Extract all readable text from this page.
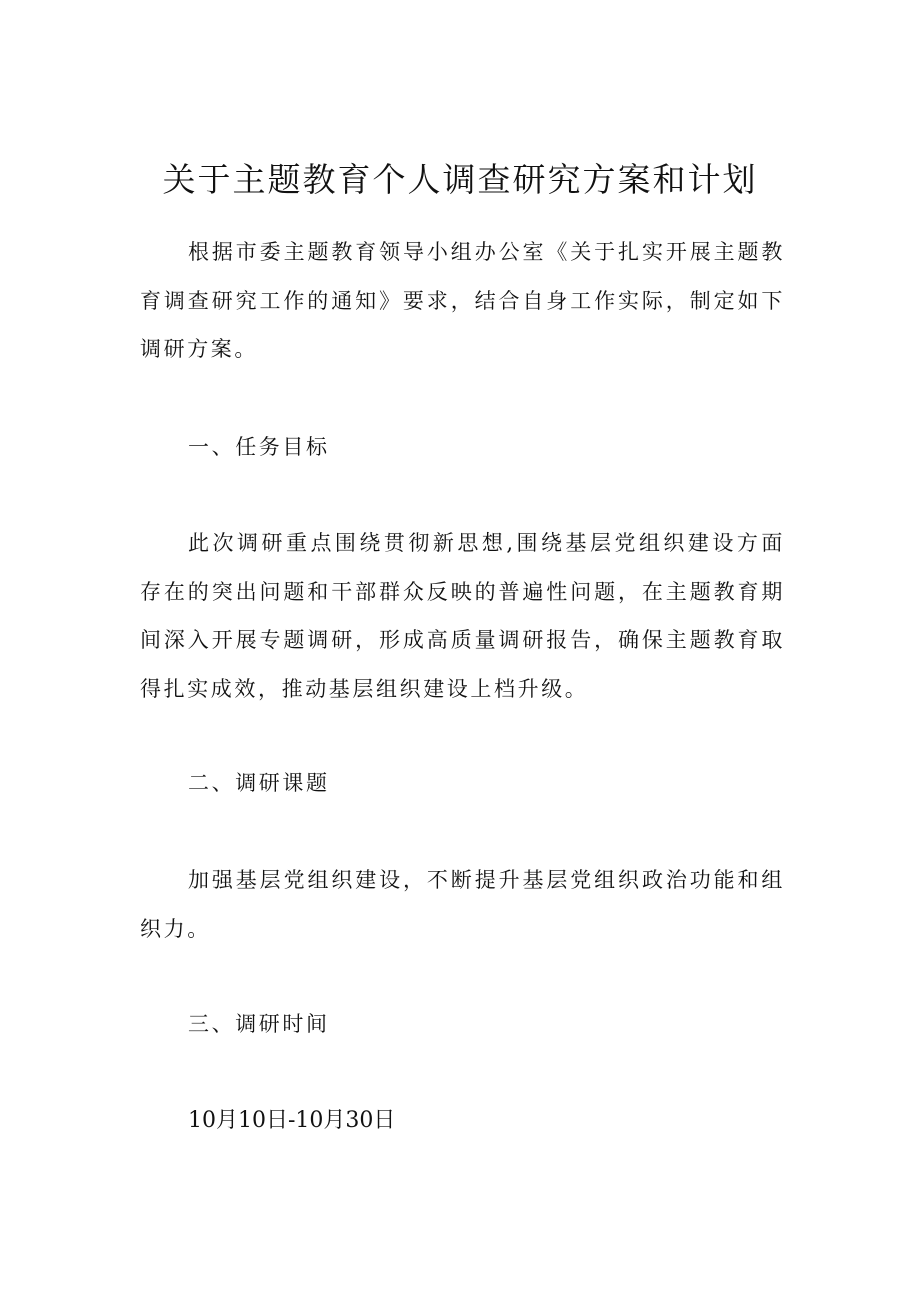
关于主题教育个人调查研究方案和计划

根据市委主题教育领导小组办公室《关于扎实开展主题教育调查研究工作的通知》要求，结合自身工作实际，制定如下调研方案。

一、任务目标

此次调研重点围绕贯彻新思想,围绕基层党组织建设方面存在的突出问题和干部群众反映的普遍性问题，在主题教育期间深入开展专题调研，形成高质量调研报告，确保主题教育取得扎实成效，推动基层组织建设上档升级。

二、调研课题

加强基层党组织建设，不断提升基层党组织政治功能和组织力。

三、调研时间

10月10日-10月30日
